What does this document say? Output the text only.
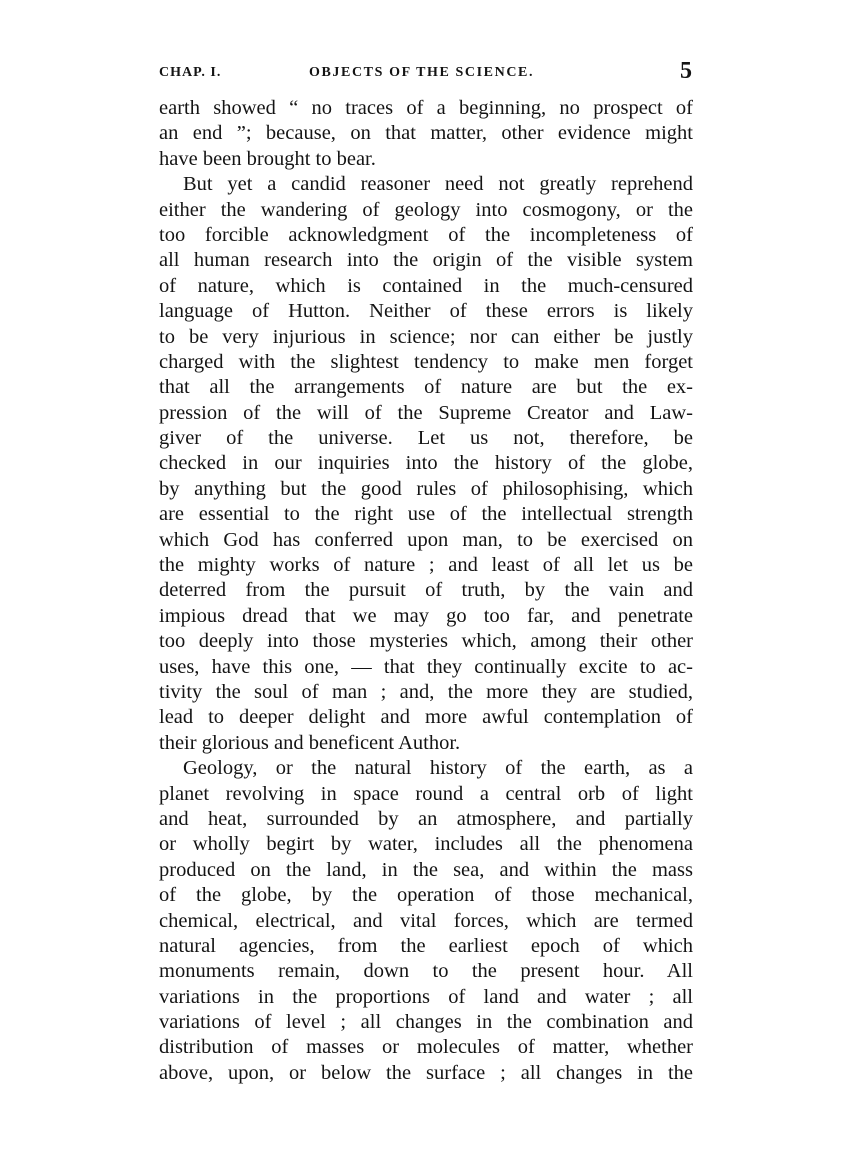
CHAP. I.	OBJECTS OF THE SCIENCE.	5
earth showed “ no traces of a beginning, no prospect of
an end ”; because, on that matter, other evidence might
have been brought to bear.
But yet a candid reasoner need not greatly reprehend
either the wandering of geology into cosmogony, or the
too forcible acknowledgment of the incompleteness of
all human research into the origin of the visible system
of nature, which is contained in the much-censured
language of Hutton. Neither of these errors is likely
to be very injurious in science; nor can either be justly
charged with the slightest tendency to make men forget
that all the arrangements of nature are but the ex-
pression of the will of the Supreme Creator and Law-
giver of the universe. Let us not, therefore, be
checked in our inquiries into the history of the globe,
by anything but the good rules of philosophising, which
are essential to the right use of the intellectual strength
which God has conferred upon man, to be exercised on
the mighty works of nature ; and least of all let us be
deterred from the pursuit of truth, by the vain and
impious dread that we may go too far, and penetrate
too deeply into those mysteries which, among their other
uses, have this one, — that they continually excite to ac-
tivity the soul of man ; and, the more they are studied,
lead to deeper delight and more awful contemplation of
their glorious and beneficent Author.
Geology, or the natural history of the earth, as a
planet revolving in space round a central orb of light
and heat, surrounded by an atmosphere, and partially
or wholly begirt by water, includes all the phenomena
produced on the land, in the sea, and within the mass
of the globe, by the operation of those mechanical,
chemical, electrical, and vital forces, which are termed
natural agencies, from the earliest epoch of which
monuments remain, down to the present hour. All
variations in the proportions of land and water ; all
variations of level ; all changes in the combination and
distribution of masses or molecules of matter, whether
above, upon, or below the surface ; all changes in the
